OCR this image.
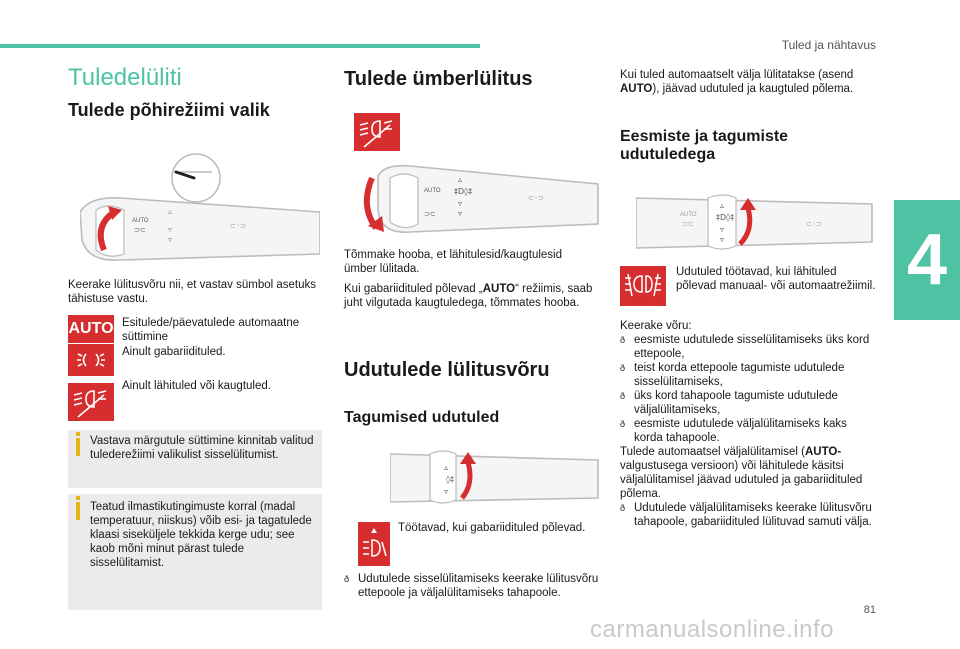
Tuled ja nähtavus
4
Tuledelüliti
Tulede põhirežiimi valik
AUTO
⊃⊂
▵
▿
▿
⊂◦⊃
Keerake lülitusvõru nii, et vastav sümbol asetuks tähistuse vastu.
AUTO Esitulede/päevatulede automaatne süttimine
Ainult gabariidituled.
Ainult lähituled või kaugtuled.
Vastava märgutule süttimine kinnitab valitud tulederežiimi valikulist sisselülitumist.
Teatud ilmastikutingimuste korral (madal temperatuur, niiskus) võib esi- ja tagatulede klaasi siseküljele tekkida kerge udu; see kaob mõni minut pärast tulede sisselülitamist.
Tulede ümberlülitus
AUTO
⊃⊂
▵
‡D◊‡
▿
▿
⊂◦⊃
Tõmmake hooba, et lähitulesid/kaugtulesid ümber lülitada.
Kui gabariidituled põlevad „AUTO“ režiimis, saab juht vilgutada kaugtuledega, tõmmates hooba.
Udutulede lülitusvõru
Tagumised udutuled
▵
◊‡
▿
Töötavad, kui gabariidituled põlevad.
ð Udutulede sisselülitamiseks keerake lülitusvõru ettepoole ja väljalülitamiseks tahapoole.
Kui tuled automaatselt välja lülitatakse (asend AUTO), jäävad udutuled ja kaugtuled põlema.
Eesmiste ja tagumiste udutuledega
AUTO
⊃⊂
▵
‡D◊‡
▿
▿
⊂◦⊃
Udutuled töötavad, kui lähituled põlevad manuaal- või automaatrežiimil.
Keerake võru:
ð eesmiste udutulede sisselülitamiseks üks kord ettepoole,
ð teist korda ettepoole tagumiste udutulede sisselülitamiseks,
ð üks kord tahapoole tagumiste udutulede väljalülitamiseks,
ð eesmiste udutulede väljalülitamiseks kaks korda tahapoole.
Tulede automaatsel väljalülitamisel (AUTO-valgustusega versioon) või lähitulede käsitsi väljalülitamisel jäävad udutuled ja gabariidituled põlema.
ð Udutulede väljalülitamiseks keerake lülitusvõru tahapoole, gabariidituled lülituvad samuti välja.
81
carmanualsonline.info
